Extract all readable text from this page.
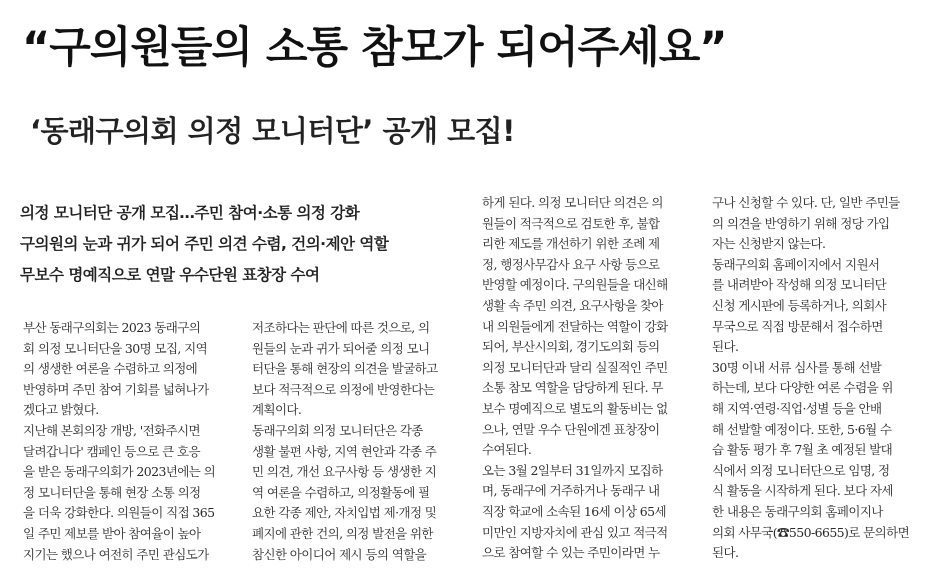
“구의원들의 소통 참모가 되어주세요”
‘동래구의회 의정 모니터단’ 공개 모집!
의정 모니터단 공개 모집…주민 참여·소통 의정 강화
구의원의 눈과 귀가 되어 주민 의견 수렴, 건의·제안 역할
무보수 명예직으로 연말 우수단원 표창장 수여
부산 동래구의회는 2023 동래구의
회 의정 모니터단을 30명 모집, 지역
의 생생한 여론을 수렴하고 의정에
반영하며 주민 참여 기회를 넓혀나가
겠다고 밝혔다.
지난해 본회의장 개방, '전화주시면
달려갑니다' 캠페인 등으로 큰 호응
을 받은 동래구의회가 2023년에는 의
정 모니터단을 통해 현장 소통 의정
을 더욱 강화한다. 의원들이 직접 365
일 주민 제보를 받아 참여율이 높아
지기는 했으나 여전히 주민 관심도가
저조하다는 판단에 따른 것으로, 의
원들의 눈과 귀가 되어줄 의정 모니
터단을 통해 현장의 의견을 발굴하고
보다 적극적으로 의정에 반영한다는
계획이다.
동래구의회 의정 모니터단은 각종
생활 불편 사항, 지역 현안과 각종 주
민 의견, 개선 요구사항 등 생생한 지
역 여론을 수렴하고, 의정활동에 필
요한 각종 제안, 자치입법 제·개정 및
폐지에 관한 건의, 의정 발전을 위한
참신한 아이디어 제시 등의 역할을
하게 된다. 의정 모니터단 의견은 의
원들이 적극적으로 검토한 후, 불합
리한 제도를 개선하기 위한 조례 제
정, 행정사무감사 요구 사항 등으로
반영할 예정이다. 구의원들을 대신해
생활 속 주민 의견, 요구사항을 찾아
내 의원들에게 전달하는 역할이 강화
되어, 부산시의회, 경기도의회 등의
의정 모니터단과 달리 실질적인 주민
소통 참모 역할을 담당하게 된다. 무
보수 명예직으로 별도의 활동비는 없
으나, 연말 우수 단원에겐 표창장이
수여된다.
오는 3월 2일부터 31일까지 모집하
며, 동래구에 거주하거나 동래구 내
직장 학교에 소속된 16세 이상 65세
미만인 지방자치에 관심 있고 적극적
으로 참여할 수 있는 주민이라면 누
구나 신청할 수 있다. 단, 일반 주민들
의 의견을 반영하기 위해 정당 가입
자는 신청받지 않는다.
동래구의회 홈페이지에서 지원서
를 내려받아 작성해 의정 모니터단
신청 게시판에 등록하거나, 의회사
무국으로 직접 방문해서 접수하면
된다.
30명 이내 서류 심사를 통해 선발
하는데, 보다 다양한 여론 수렴을 위
해 지역·연령·직업·성별 등을 안배
해 선발할 예정이다. 또한, 5·6월 수
습 활동 평가 후 7월 초 예정된 발대
식에서 의정 모니터단으로 임명, 정
식 활동을 시작하게 된다. 보다 자세
한 내용은 동래구의회 홈페이지나
의회 사무국(☎550-6655)로 문의하면
된다.
